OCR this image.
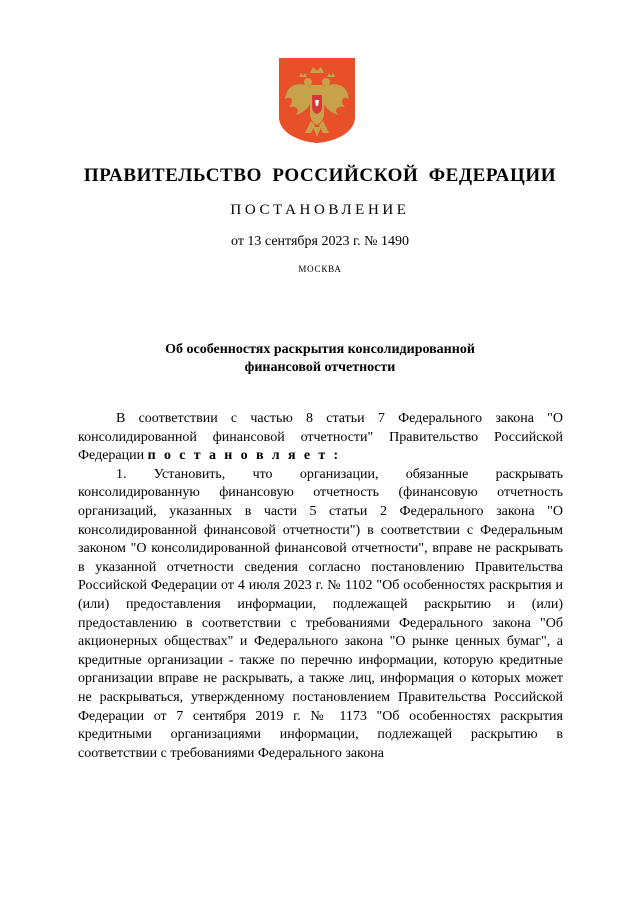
ПРАВИТЕЛЬСТВО РОССИЙСКОЙ ФЕДЕРАЦИИ
ПОСТАНОВЛЕНИЕ
от 13 сентября 2023 г. № 1490
МОСКВА
Об особенностях раскрытия консолидированной
финансовой отчетности

В соответствии с частью 8 статьи 7 Федерального закона "О консолидированной финансовой отчетности" Правительство Российской Федерации п о с т а н о в л я е т :

1. Установить, что организации, обязанные раскрывать консолидированную финансовую отчетность (финансовую отчетность организаций, указанных в части 5 статьи 2 Федерального закона "О консолидированной финансовой отчетности") в соответствии с Федеральным законом "О консолидированной финансовой отчетности", вправе не раскрывать в указанной отчетности сведения согласно постановлению Правительства Российской Федерации от 4 июля 2023 г. № 1102 "Об особенностях раскрытия и (или) предоставления информации, подлежащей раскрытию и (или) предоставлению в соответствии с требованиями Федерального закона "Об акционерных обществах" и Федерального закона "О рынке ценных бумаг", а кредитные организации - также по перечню информации, которую кредитные организации вправе не раскрывать, а также лиц, информация о которых может не раскрываться, утвержденному постановлением Правительства Российской Федерации от 7 сентября 2019 г. № 1173 "Об особенностях раскрытия кредитными организациями информации, подлежащей раскрытию в соответствии с требованиями Федерального закона
